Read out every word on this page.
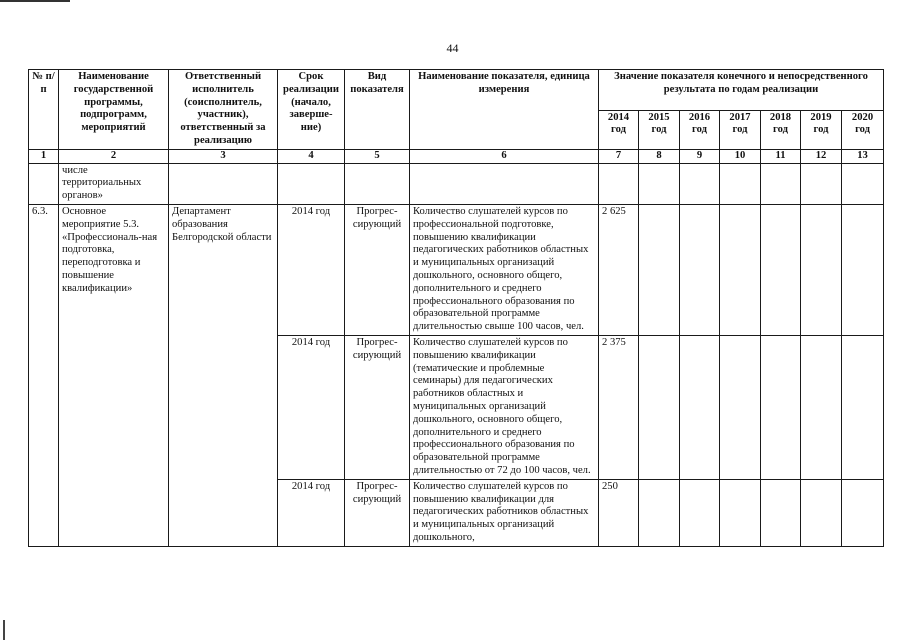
44
№ п/п	Наименование государственной программы, подпрограмм, мероприятий	Ответственный исполнитель (соисполнитель, участник), ответственный за реализацию	Срок реализации (начало, заверше-ние)	Вид показателя	Наименование показателя, единица измерения	Значение показателя конечного и непосредственного результата по годам реализации						
						2014 год	2015 год	2016 год	2017 год	2018 год	2019 год	2020 год
1	2	3	4	5	6	7	8	9	10	11	12	13
	числе территориальных органов»											
6.3.	Основное мероприятие 5.3. «Профессиональ-ная подготовка, переподготовка и повышение квалификации»	Департамент образования Белгородской области	2014 год	Прогрес-сирующий	Количество слушателей курсов по профессиональной подготовке, повышению квалификации педагогических работников областных и муниципальных организаций дошкольного, основного общего, дополнительного и среднего профессионального образования по образовательной программе длительностью свыше 100 часов, чел.	2 625						
			2014 год	Прогрес-сирующий	Количество слушателей курсов по повышению квалификации (тематические и проблемные семинары) для педагогических работников областных и муниципальных организаций дошкольного, основного общего, дополнительного и среднего профессионального образования по образовательной программе длительностью от 72 до 100 часов, чел.	2 375						
			2014 год	Прогрес-сирующий	Количество слушателей курсов по повышению квалификации для педагогических работников областных и муниципальных организаций дошкольного,	250						
